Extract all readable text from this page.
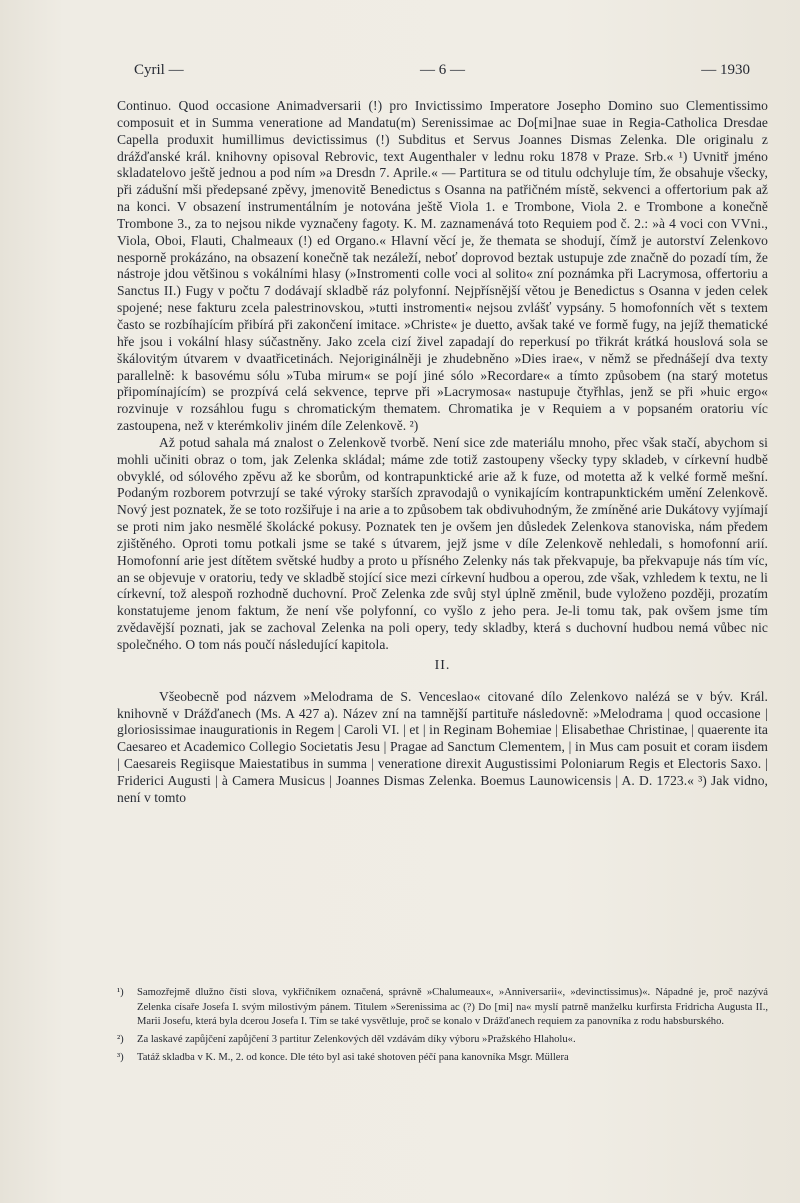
Cyril —	— 6 —	— 1930

Continuo. Quod occasione Animadversarii (!) pro Invictissimo Imperatore Josepho Domino suo Clementissimo composuit et in Summa veneratione ad Mandatu(m) Serenissimae ac Do[mi]nae suae in Regia-Catholica Dresdae Capella produxit humillimus devictissimus (!) Subditus et Servus Joannes Dismas Zelenka. Dle originalu z drážďanské král. knihovny opisoval Rebrovic, text Augenthaler v lednu roku 1878 v Praze. Srb.« ¹) Uvnitř jméno skladatelovo ještě jednou a pod ním »a Dresdn 7. Aprile.« — Partitura se od titulu odchyluje tím, že obsahuje všecky, při zádušní mši předepsané zpěvy, jmenovitě Benedictus s Osanna na patřičném místě, sekvenci a offertorium pak až na konci. V obsazení instrumentálním je notována ještě Viola 1. e Trombone, Viola 2. e Trombone a konečně Trombone 3., za to nejsou nikde vyznačeny fagoty. K. M. zaznamenává toto Requiem pod č. 2.: »à 4 voci con VVni., Viola, Oboi, Flauti, Chalmeaux (!) ed Organo.« Hlavní věcí je, že themata se shodují, čímž je autorství Zelenkovo nesporně prokázáno, na obsazení konečně tak nezáleží, neboť doprovod beztak ustupuje zde značně do pozadí tím, že nástroje jdou většinou s vokálními hlasy (»Instromenti colle voci al solito« zní poznámka při Lacrymosa, offertoriu a Sanctus II.) Fugy v počtu 7 dodávají skladbě ráz polyfonní. Nejpřísnější větou je Benedictus s Osanna v jeden celek spojené; nese fakturu zcela palestrinovskou, »tutti instromenti« nejsou zvlášť vypsány. 5 homofonních vět s textem často se rozbíhajícím přibírá při zakončení imitace. »Christe« je duetto, avšak také ve formě fugy, na jejíž thematické hře jsou i vokální hlasy súčastněny. Jako zcela cizí živel zapadají do reperkusí po třikrát krátká houslová sola se škálovitým útvarem v dvaatřicetinách. Nejoriginálněji je zhudebněno »Dies irae«, v němž se přednášejí dva texty parallelně: k basovému sólu »Tuba mirum« se pojí jiné sólo »Recordare« a tímto způsobem (na starý motetus připomínajícím) se prozpívá celá sekvence, teprve při »Lacrymosa« nastupuje čtyřhlas, jenž se při »huic ergo« rozvinuje v rozsáhlou fugu s chromatickým thematem. Chromatika je v Requiem a v popsaném oratoriu víc zastoupena, než v kterémkoliv jiném díle Zelenkově. ²)

Až potud sahala má znalost o Zelenkově tvorbě. Není sice zde materiálu mnoho, přec však stačí, abychom si mohli učiniti obraz o tom, jak Zelenka skládal; máme zde totiž zastoupeny všecky typy skladeb, v církevní hudbě obvyklé, od sólového zpěvu až ke sborům, od kontrapunktické arie až k fuze, od motetta až k velké formě mešní. Podaným rozborem potvrzují se také výroky starších zpravodajů o vynikajícím kontrapunktickém umění Zelenkově. Nový jest poznatek, že se toto rozšiřuje i na arie a to způsobem tak obdivuhodným, že zmíněné arie Dukátovy vyjímají se proti nim jako nesmělé školácké pokusy. Poznatek ten je ovšem jen důsledek Zelenkova stanoviska, nám předem zjištěného. Oproti tomu potkali jsme se také s útvarem, jejž jsme v díle Zelenkově nehledali, s homofonní arií. Homofonní arie jest dítětem světské hudby a proto u přísného Zelenky nás tak překvapuje, ba překvapuje nás tím víc, an se objevuje v oratoriu, tedy ve skladbě stojící sice mezi církevní hudbou a operou, zde však, vzhledem k textu, ne li církevní, tož alespoň rozhodně duchovní. Proč Zelenka zde svůj styl úplně změnil, bude vyloženo později, prozatím konstatujeme jenom faktum, že není vše polyfonní, co vyšlo z jeho pera. Je-li tomu tak, pak ovšem jsme tím zvědavější poznati, jak se zachoval Zelenka na poli opery, tedy skladby, která s duchovní hudbou nemá vůbec nic společného. O tom nás poučí následující kapitola.

II.

Všeobecně pod názvem »Melodrama de S. Venceslao« citované dílo Zelenkovo nalézá se v býv. Král. knihovně v Drážďanech (Ms. A 427 a). Název zní na tamnější partituře následovně: »Melodrama | quod occasione | gloriosissimae inaugurationis in Regem | Caroli VI. | et | in Reginam Bohemiae | Elisabethae Christinae, | quaerente ita Caesareo et Academico Collegio Societatis Jesu | Pragae ad Sanctum Clementem, | in Mus cam posuit et coram iisdem | Caesareis Regiisque Maiestatibus in summa | veneratione direxit Augustissimi Poloniarum Regis et Electoris Saxo. | Friderici Augusti | à Camera Musicus | Joannes Dismas Zelenka. Boemus Launowicensis | A. D. 1723.« ³) Jak vidno, není v tomto

¹) Samozřejmě dlužno čísti slova, vykřičníkem označená, správně »Chalumeaux«, »Anniversarii«, »devinctissimus)«. Nápadné je, proč nazývá Zelenka císaře Josefa I. svým milostivým pánem. Titulem »Serenissima ac (?) Do [mi] na« myslí patrně manželku kurfirsta Fridricha Augusta II., Marii Josefu, která byla dcerou Josefa I. Tím se také vysvětluje, proč se konalo v Drážďanech requiem za panovníka z rodu habsburského.

²) Za laskavé zapůjčení zapůjčení 3 partitur Zelenkových děl vzdávám díky výboru »Pražského Hlaholu«.

³) Tatáž skladba v K. M., 2. od konce. Dle této byl asi také shotoven péčí pana kanovníka Msgr. Müllera
